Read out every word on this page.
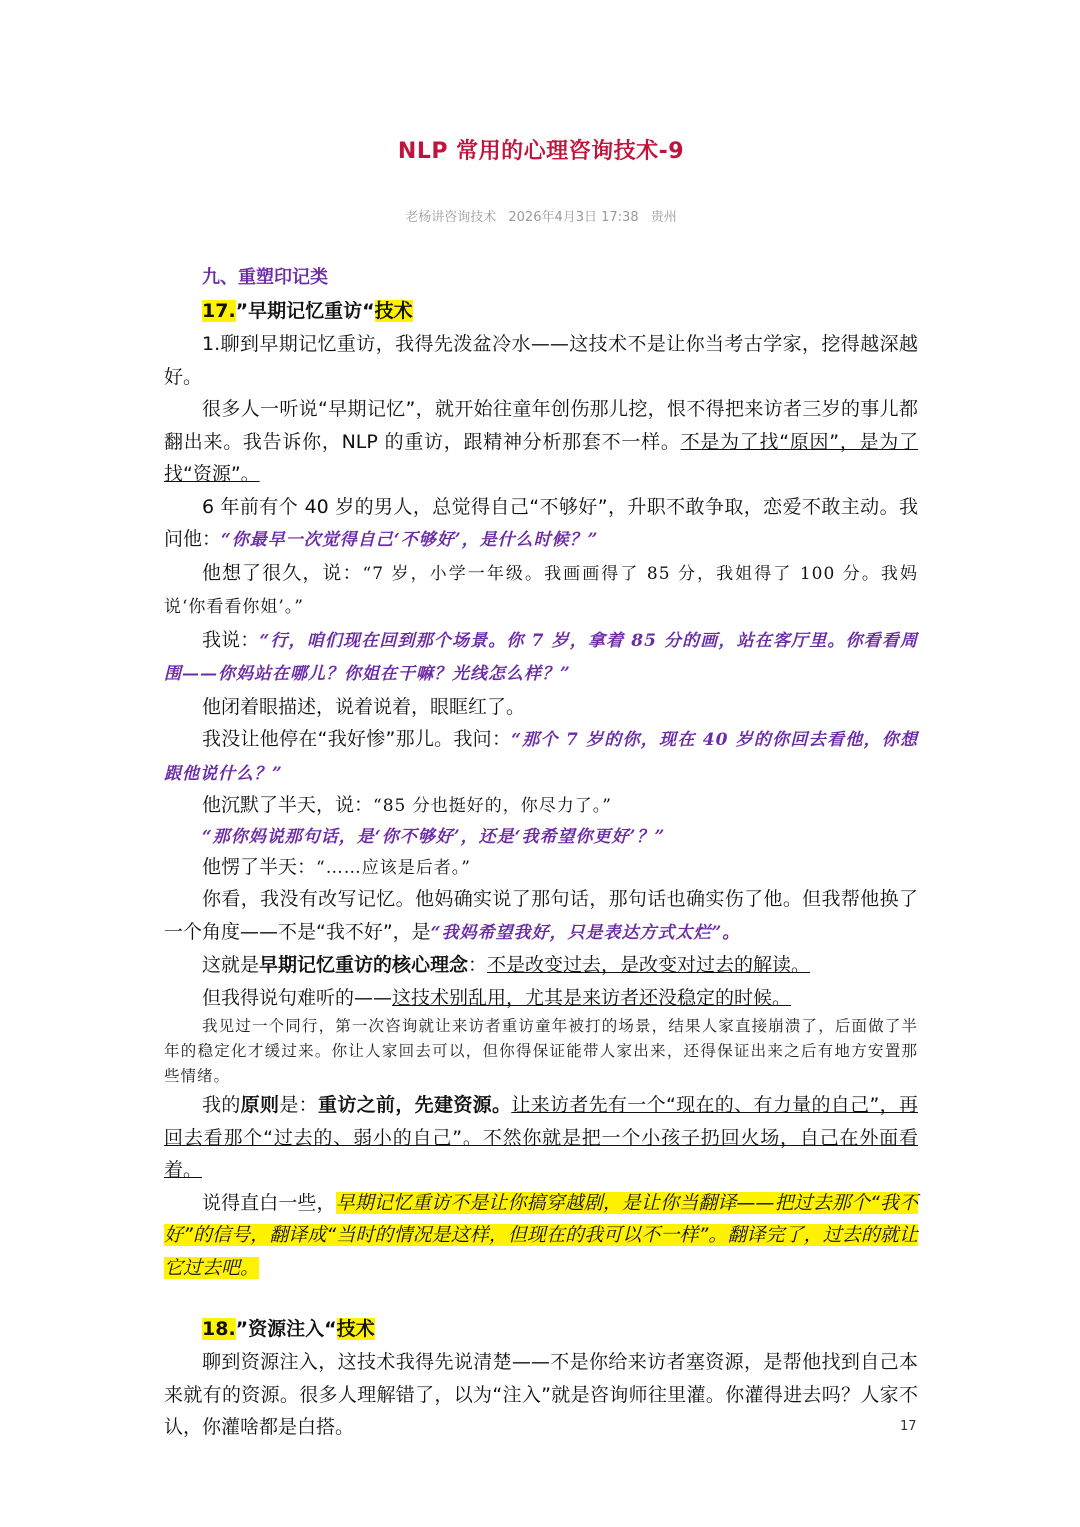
NLP 常用的心理咨询技术-9
老杨讲咨询技术 2026年4月3日 17:38 贵州
九、重塑印记类
17.”早期记忆重访“技术

1.聊到早期记忆重访，我得先泼盆冷水——这技术不是让你当考古学家，挖得越深越好。

很多人一听说“早期记忆”，就开始往童年创伤那儿挖，恨不得把来访者三岁的事儿都翻出来。我告诉你，NLP 的重访，跟精神分析那套不一样。不是为了找“原因”，是为了找“资源”。

6 年前有个 40 岁的男人，总觉得自己“不够好”，升职不敢争取，恋爱不敢主动。我问他：“你最早一次觉得自己‘不够好’，是什么时候？”

他想了很久，说：“7 岁，小学一年级。我画画得了 85 分，我姐得了 100 分。我妈说‘你看看你姐’。”

我说：“行，咱们现在回到那个场景。你 7 岁，拿着 85 分的画，站在客厅里。你看看周围——你妈站在哪儿？你姐在干嘛？光线怎么样？”

他闭着眼描述，说着说着，眼眶红了。

我没让他停在“我好惨”那儿。我问：“那个 7 岁的你，现在 40 岁的你回去看他，你想跟他说什么？”

他沉默了半天，说：“85 分也挺好的，你尽力了。”

“那你妈说那句话，是‘你不够好’，还是‘我希望你更好’？”

他愣了半天：“……应该是后者。”

你看，我没有改写记忆。他妈确实说了那句话，那句话也确实伤了他。但我帮他换了一个角度——不是“我不好”，是“我妈希望我好，只是表达方式太烂”。

这就是早期记忆重访的核心理念：不是改变过去，是改变对过去的解读。

但我得说句难听的——这技术别乱用，尤其是来访者还没稳定的时候。

我见过一个同行，第一次咨询就让来访者重访童年被打的场景，结果人家直接崩溃了，后面做了半年的稳定化才缓过来。你让人家回去可以，但你得保证能带人家出来，还得保证出来之后有地方安置那些情绪。

我的原则是：重访之前，先建资源。让来访者先有一个“现在的、有力量的自己”，再回去看那个“过去的、弱小的自己”。不然你就是把一个小孩子扔回火场，自己在外面看着。

说得直白一些，早期记忆重访不是让你搞穿越剧，是让你当翻译——把过去那个“我不好”的信号，翻译成“当时的情况是这样，但现在的我可以不一样”。翻译完了，过去的就让它过去吧。

18.”资源注入“技术

聊到资源注入，这技术我得先说清楚——不是你给来访者塞资源，是帮他找到自己本来就有的资源。很多人理解错了，以为“注入”就是咨询师往里灌。你灌得进去吗？人家不认，你灌啥都是白搭。	17
